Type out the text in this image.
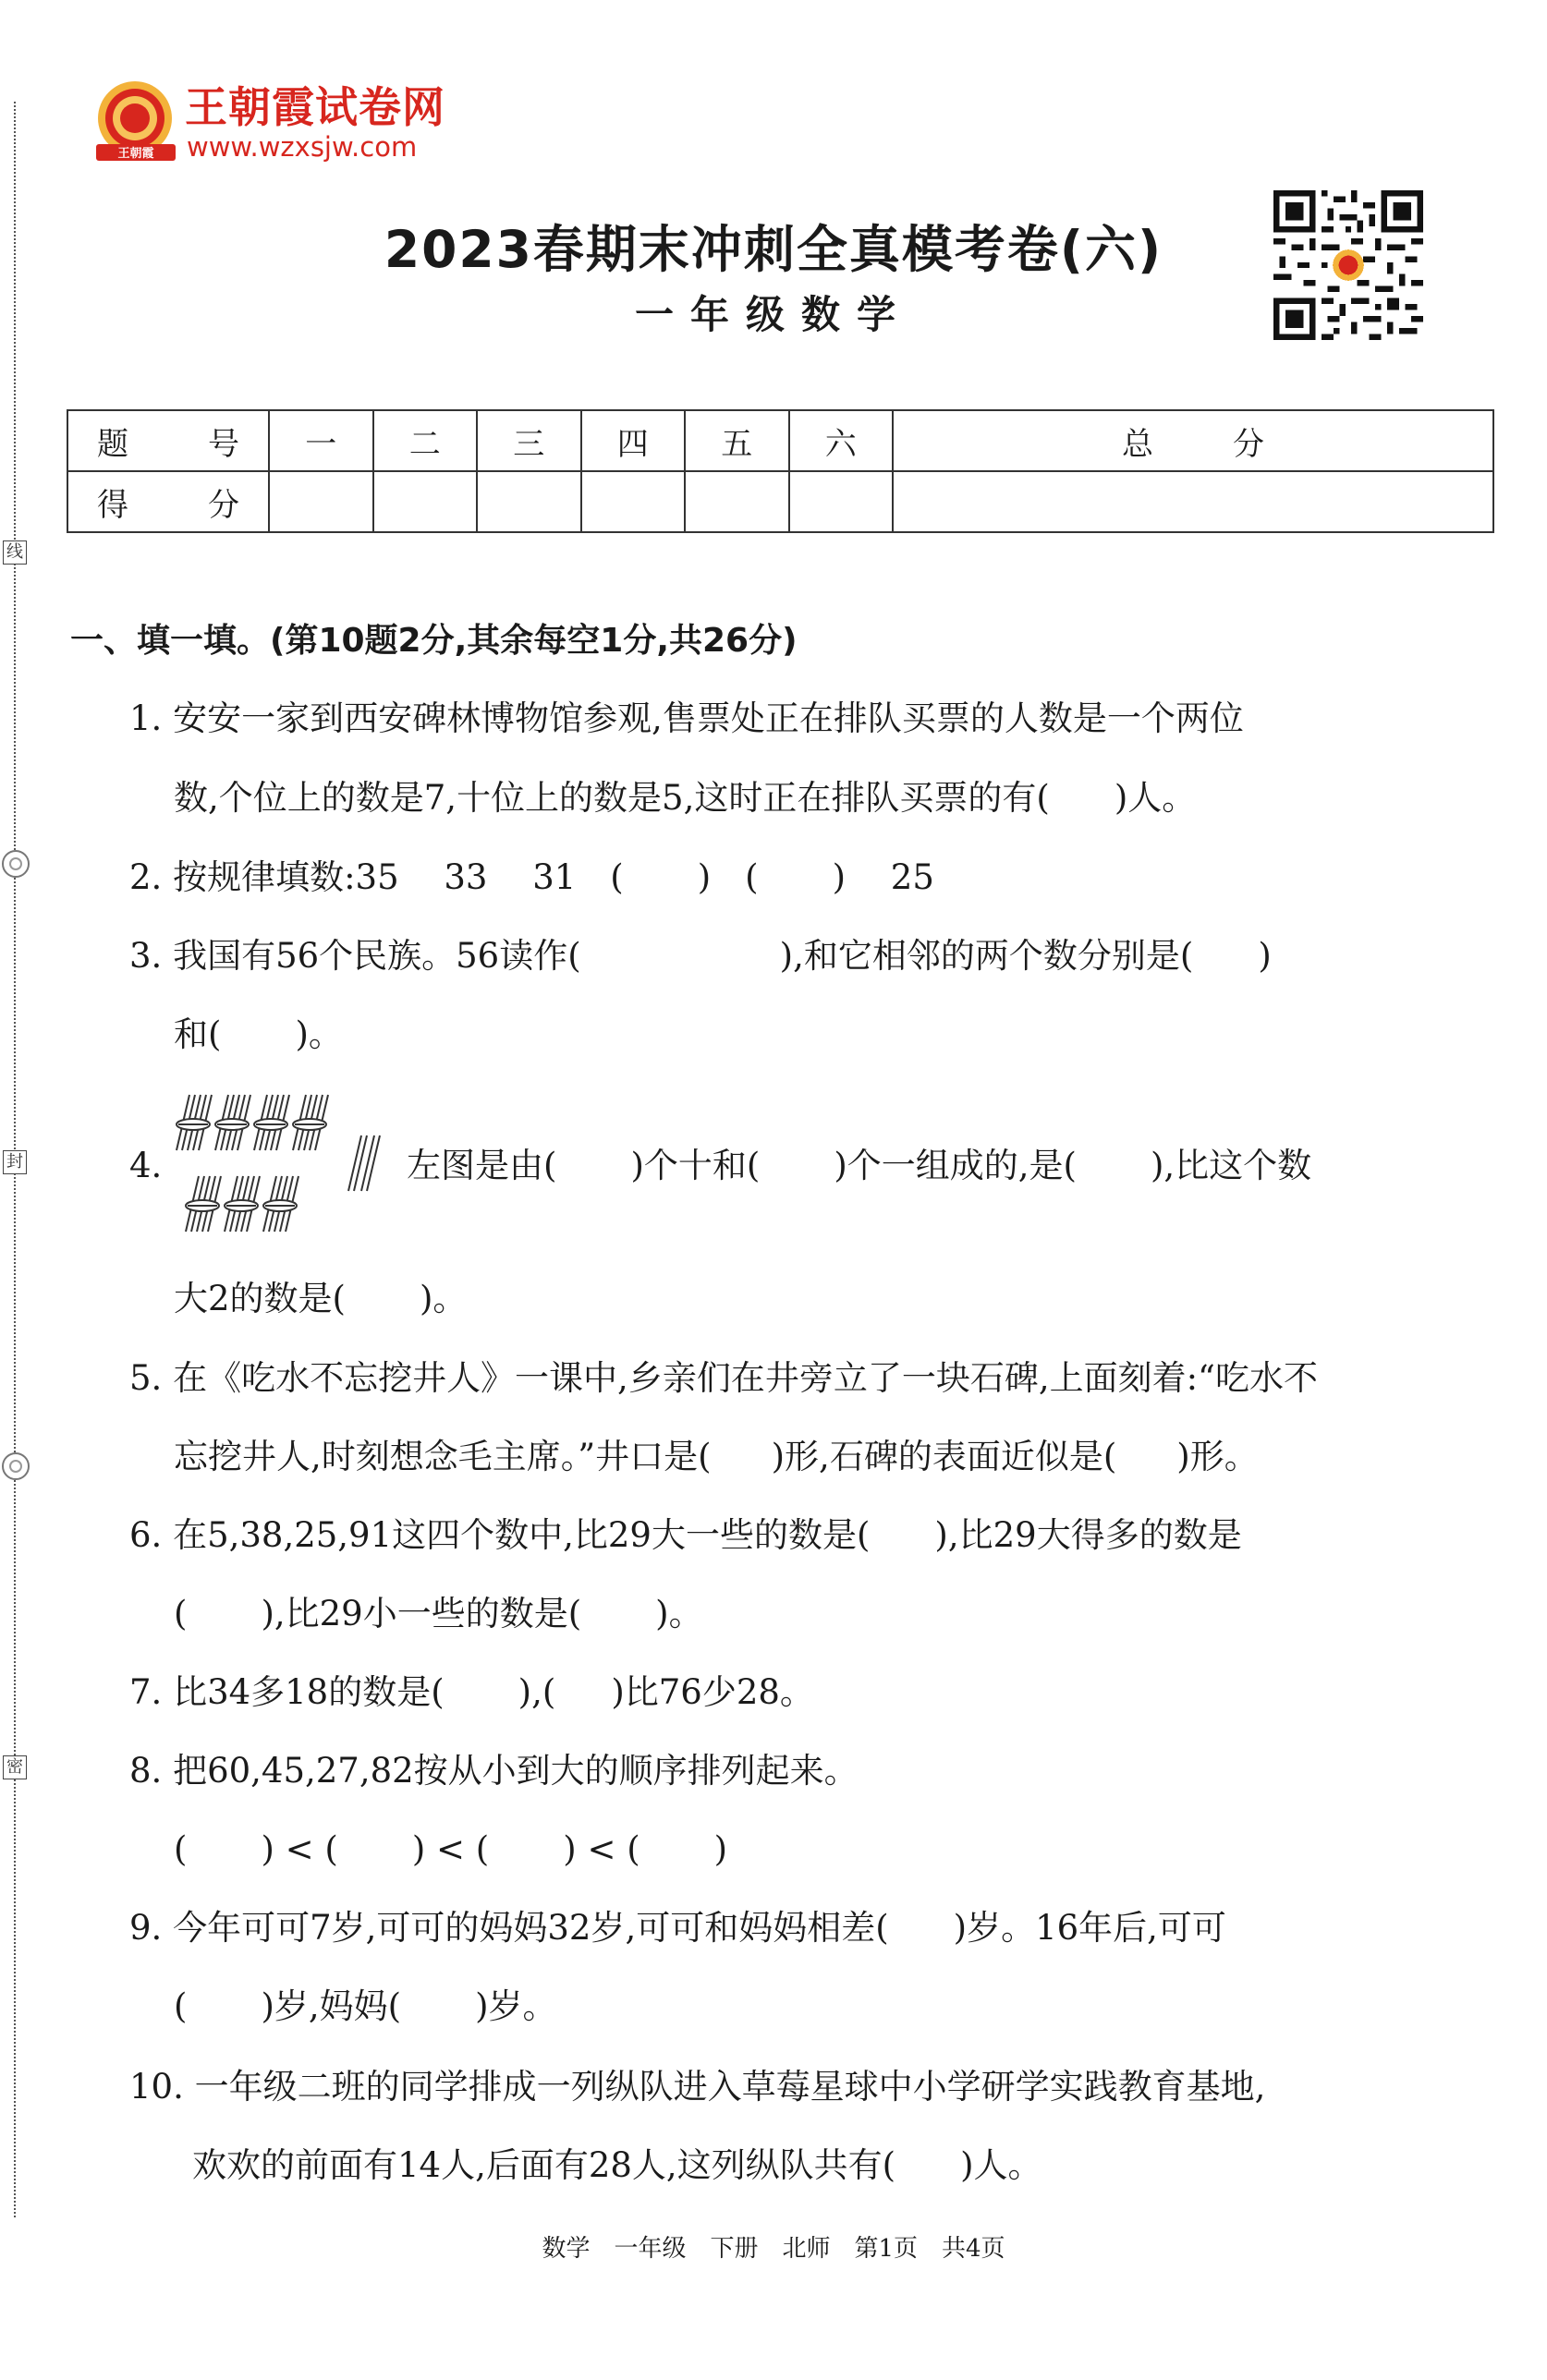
线
封
密
王朝霞
王朝霞试卷网
www.wzxsjw.com
2023春期末冲刺全真模考卷(六)
一年级数学
题　号	一	二	三	四	五	六	总　分
得　分							
一、填一填。(第10题2分,其余每空1分,共26分)
1. 安安一家到西安碑林博物馆参观,售票处正在排队买票的人数是一个两位
数,个位上的数是7,十位上的数是5,这时正在排队买票的有( )人。
2. 按规律填数:35　 33　 31　( )　( )　 25
3. 我国有56个民族。56读作(	),和它相邻的两个数分别是( )
和( )。
4.	左图是由( )个十和( )个一组成的,是( ),比这个数
大2的数是( )。
5. 在《吃水不忘挖井人》一课中,乡亲们在井旁立了一块石碑,上面刻着:“吃水不
忘挖井人,时刻想念毛主席。”井口是( )形,石碑的表面近似是( )形。
6. 在5,38,25,91这四个数中,比29大一些的数是( ),比29大得多的数是
( ),比29小一些的数是( )。
7. 比34多18的数是( ),( )比76少28。
8. 把60,45,27,82按从小到大的顺序排列起来。
( ) < ( ) < ( ) < ( )
9. 今年可可7岁,可可的妈妈32岁,可可和妈妈相差( )岁。16年后,可可
( )岁,妈妈( )岁。
10. 一年级二班的同学排成一列纵队进入草莓星球中小学研学实践教育基地,
欢欢的前面有14人,后面有28人,这列纵队共有( )人。
数学　一年级　下册　北师　第1页　共4页
